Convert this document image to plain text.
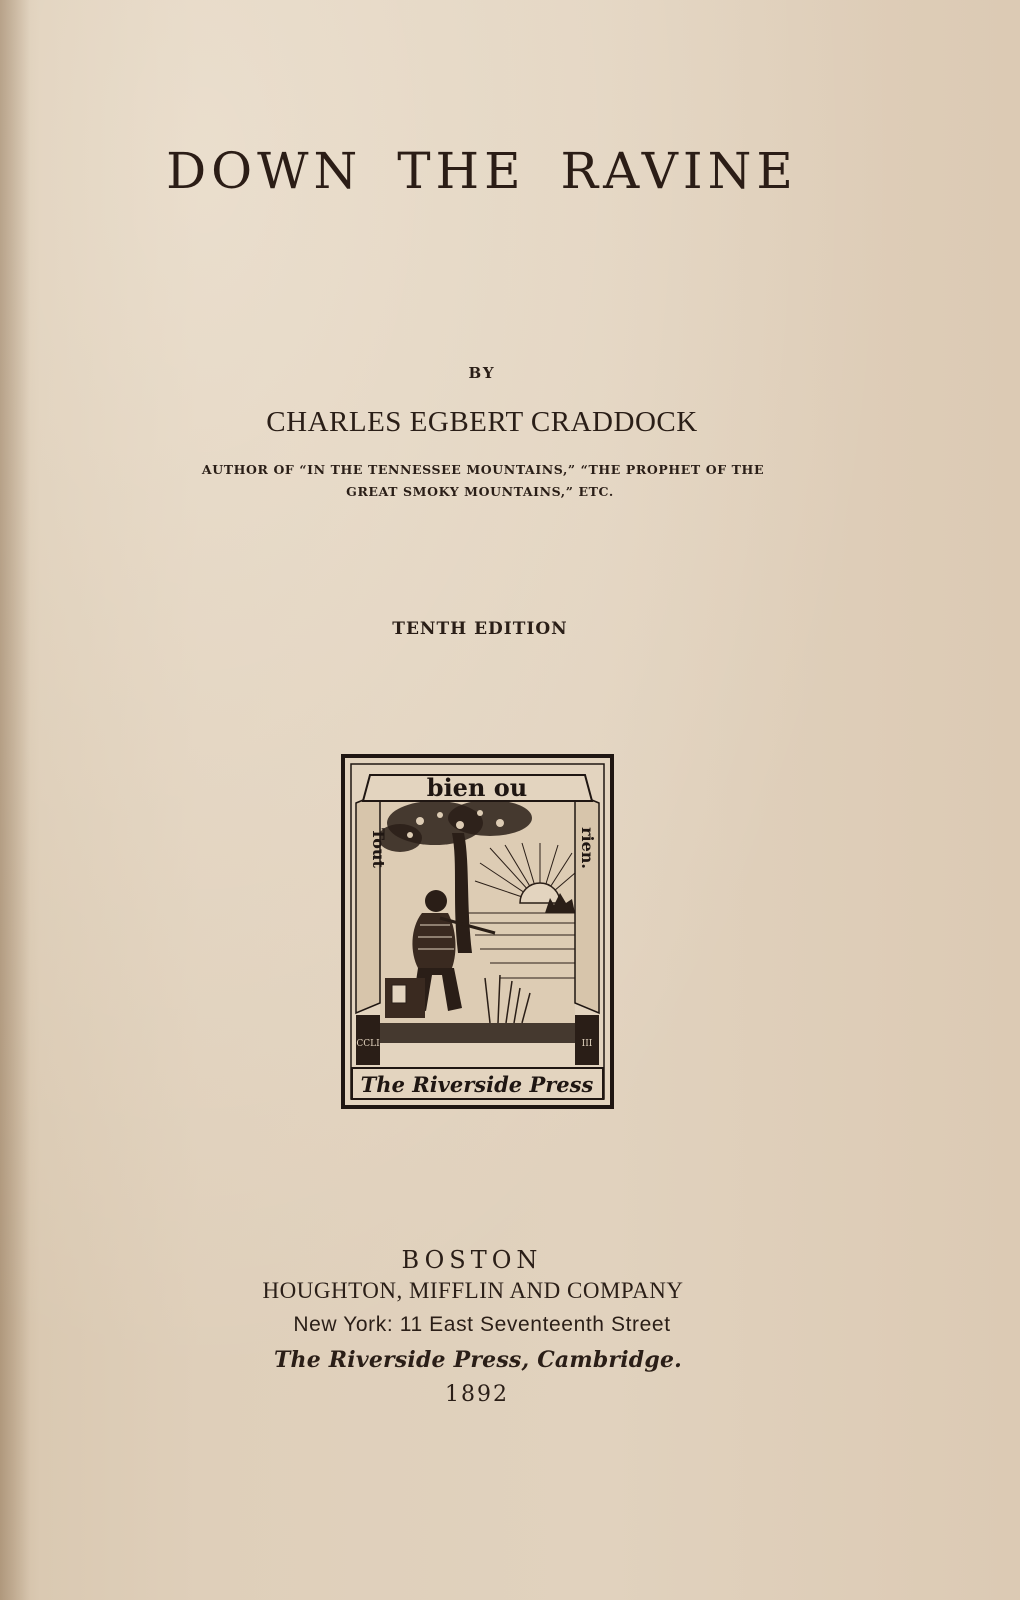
DOWN THE RAVINE
BY
CHARLES EGBERT CRADDOCK
AUTHOR OF “IN THE TENNESSEE MOUNTAINS,” “THE PROPHET OF THE
GREAT SMOKY MOUNTAINS,” ETC.
TENTH EDITION
CCLI	III
bien ou
Tout	rien.
The Riverside Press
BOSTON
HOUGHTON, MIFFLIN AND COMPANY
New York: 11 East Seventeenth Street
The Riverside Press, Cambridge.
1892
